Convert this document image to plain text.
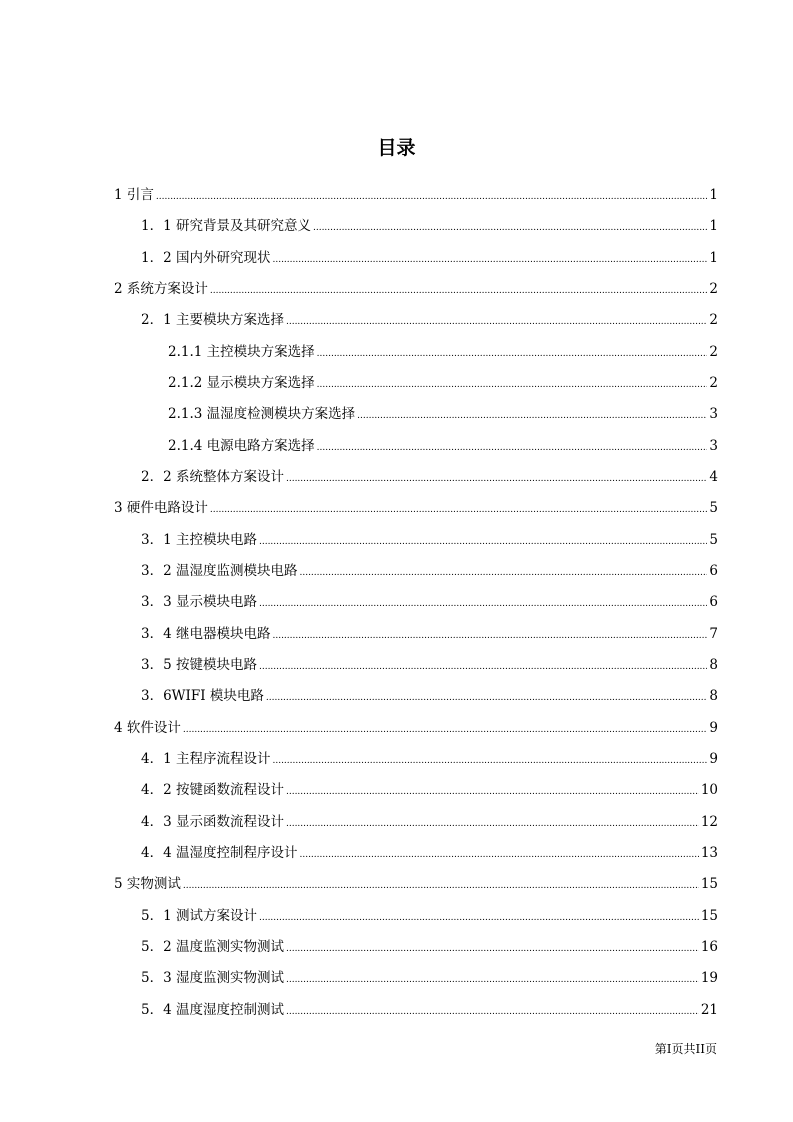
目录
1 引言 .....	1
1．1 研究背景及其研究意义 .....	1
1．2 国内外研究现状 .....	1
2 系统方案设计 .....	2
2．1 主要模块方案选择 .....	2
2.1.1 主控模块方案选择 .....	2
2.1.2 显示模块方案选择 .....	2
2.1.3 温湿度检测模块方案选择 .....	3
2.1.4 电源电路方案选择 .....	3
2．2 系统整体方案设计 .....	4
3 硬件电路设计 .....	5
3．1 主控模块电路 .....	5
3．2 温湿度监测模块电路 .....	6
3．3 显示模块电路 .....	6
3．4 继电器模块电路 .....	7
3．5 按键模块电路 .....	8
3．6WIFI 模块电路 .....	8
4 软件设计 .....	9
4．1 主程序流程设计 .....	9
4．2 按键函数流程设计 .....	10
4．3 显示函数流程设计 .....	12
4．4 温湿度控制程序设计 .....	13
5 实物测试 .....	15
5．1 测试方案设计 .....	15
5．2 温度监测实物测试 .....	16
5．3 湿度监测实物测试 .....	19
5．4 温度湿度控制测试 .....	21
第I页共II页
